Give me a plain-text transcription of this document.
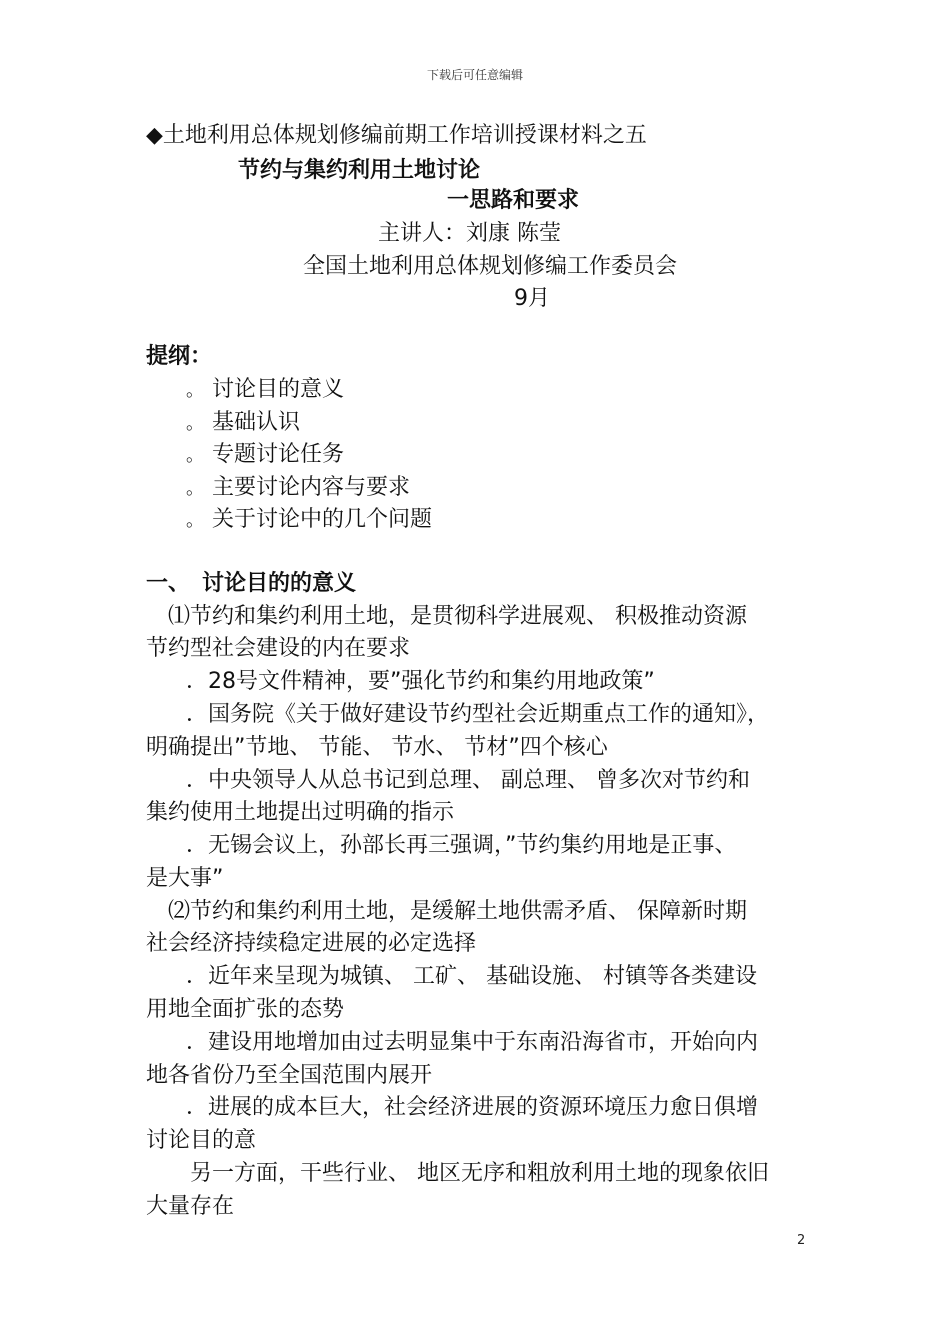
下载后可任意编辑
◆土地利用总体规划修编前期工作培训授课材料之五
节约与集约利用土地讨论
一思路和要求
主讲人：刘康 陈莹
全国土地利用总体规划修编工作委员会
9月
提纲：
。 讨论目的意义
。 基础认识
。 专题讨论任务
。 主要讨论内容与要求
。 关于讨论中的几个问题
一、 讨论目的的意义
⑴节约和集约利用土地，是贯彻科学进展观、 积极推动资源
节约型社会建设的内在要求
．28号文件精神，要”强化节约和集约用地政策”
．国务院《关于做好建设节约型社会近期重点工作的通知》，
明确提出”节地、 节能、 节水、 节材”四个核心
．中央领导人从总书记到总理、 副总理、 曾多次对节约和
集约使用土地提出过明确的指示
．无锡会议上，孙部长再三强调，”节约集约用地是正事、
是大事”
⑵节约和集约利用土地，是缓解土地供需矛盾、 保障新时期
社会经济持续稳定进展的必定选择
．近年来呈现为城镇、 工矿、 基础设施、 村镇等各类建设
用地全面扩张的态势
．建设用地增加由过去明显集中于东南沿海省市，开始向内
地各省份乃至全国范围内展开
．进展的成本巨大，社会经济进展的资源环境压力愈日俱增
讨论目的意
另一方面，干些行业、 地区无序和粗放利用土地的现象依旧
大量存在
2
